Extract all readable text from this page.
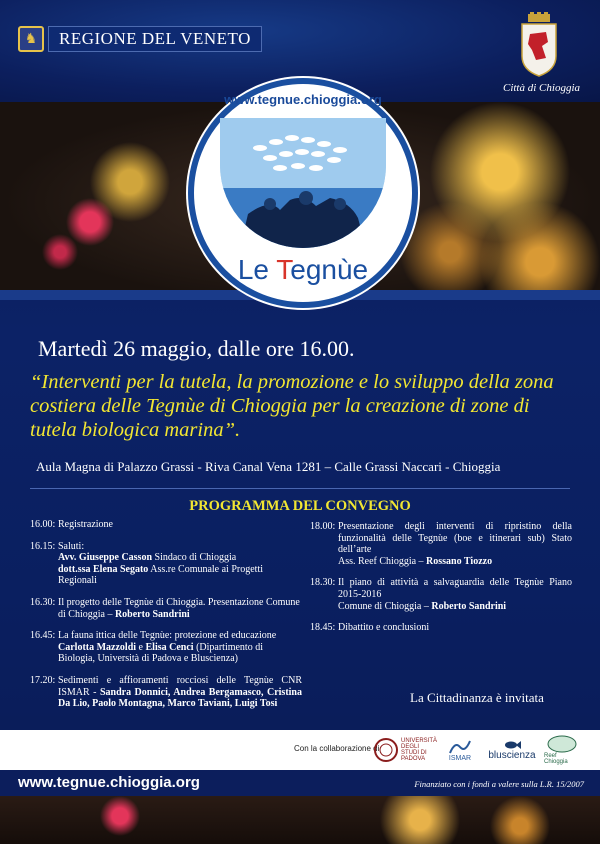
♞	REGIONE DEL VENETO
Città di Chioggia
www.tegnue.chioggia.org
Le Tegnùe
Martedì 26 maggio, dalle ore 16.00.
“Interventi per la tutela, la promozione e lo sviluppo della zona costiera delle Tegnùe di Chioggia per la creazione di zone di tutela biologica marina”.
Aula Magna di Palazzo Grassi - Riva Canal Vena 1281 – Calle Grassi Naccari - Chioggia
PROGRAMMA DEL CONVEGNO
16.00: Registrazione
16.15: Saluti:
Avv. Giuseppe Casson Sindaco di Chioggia
dott.ssa Elena Segato Ass.re Comunale ai Progetti Regionali
16.30: Il progetto delle Tegnùe di Chioggia. Presentazione Comune di Chioggia – Roberto Sandrini
16.45: La fauna ittica delle Tegnùe: protezione ed educazione
Carlotta Mazzoldi e Elisa Cenci (Dipartimento di Biologia, Università di Padova e Bluscienza)
17.20: Sedimenti e affioramenti rocciosi delle Tegnùe CNR ISMAR - Sandra Donnici, Andrea Bergamasco, Cristina Da Lio, Paolo Montagna, Marco Taviani, Luigi Tosi
18.00: Presentazione degli interventi di ripristino della funzionalità delle Tegnùe (boe e itinerari sub) Stato dell’arte
Ass. Reef Chioggia – Rossano Tiozzo
18.30: Il piano di attività a salvaguardia delle Tegnùe Piano 2015-2016
Comune di Chioggia – Roberto Sandrini
18.45: Dibattito e conclusioni
La Cittadinanza è invitata
Con la collaborazione di
UNIVERSITÀ DEGLI STUDI DI PADOVA	ISMAR bluscienza Reef Chioggia
www.tegnue.chioggia.org	Finanziato con i fondi a valere sulla L.R. 15/2007
